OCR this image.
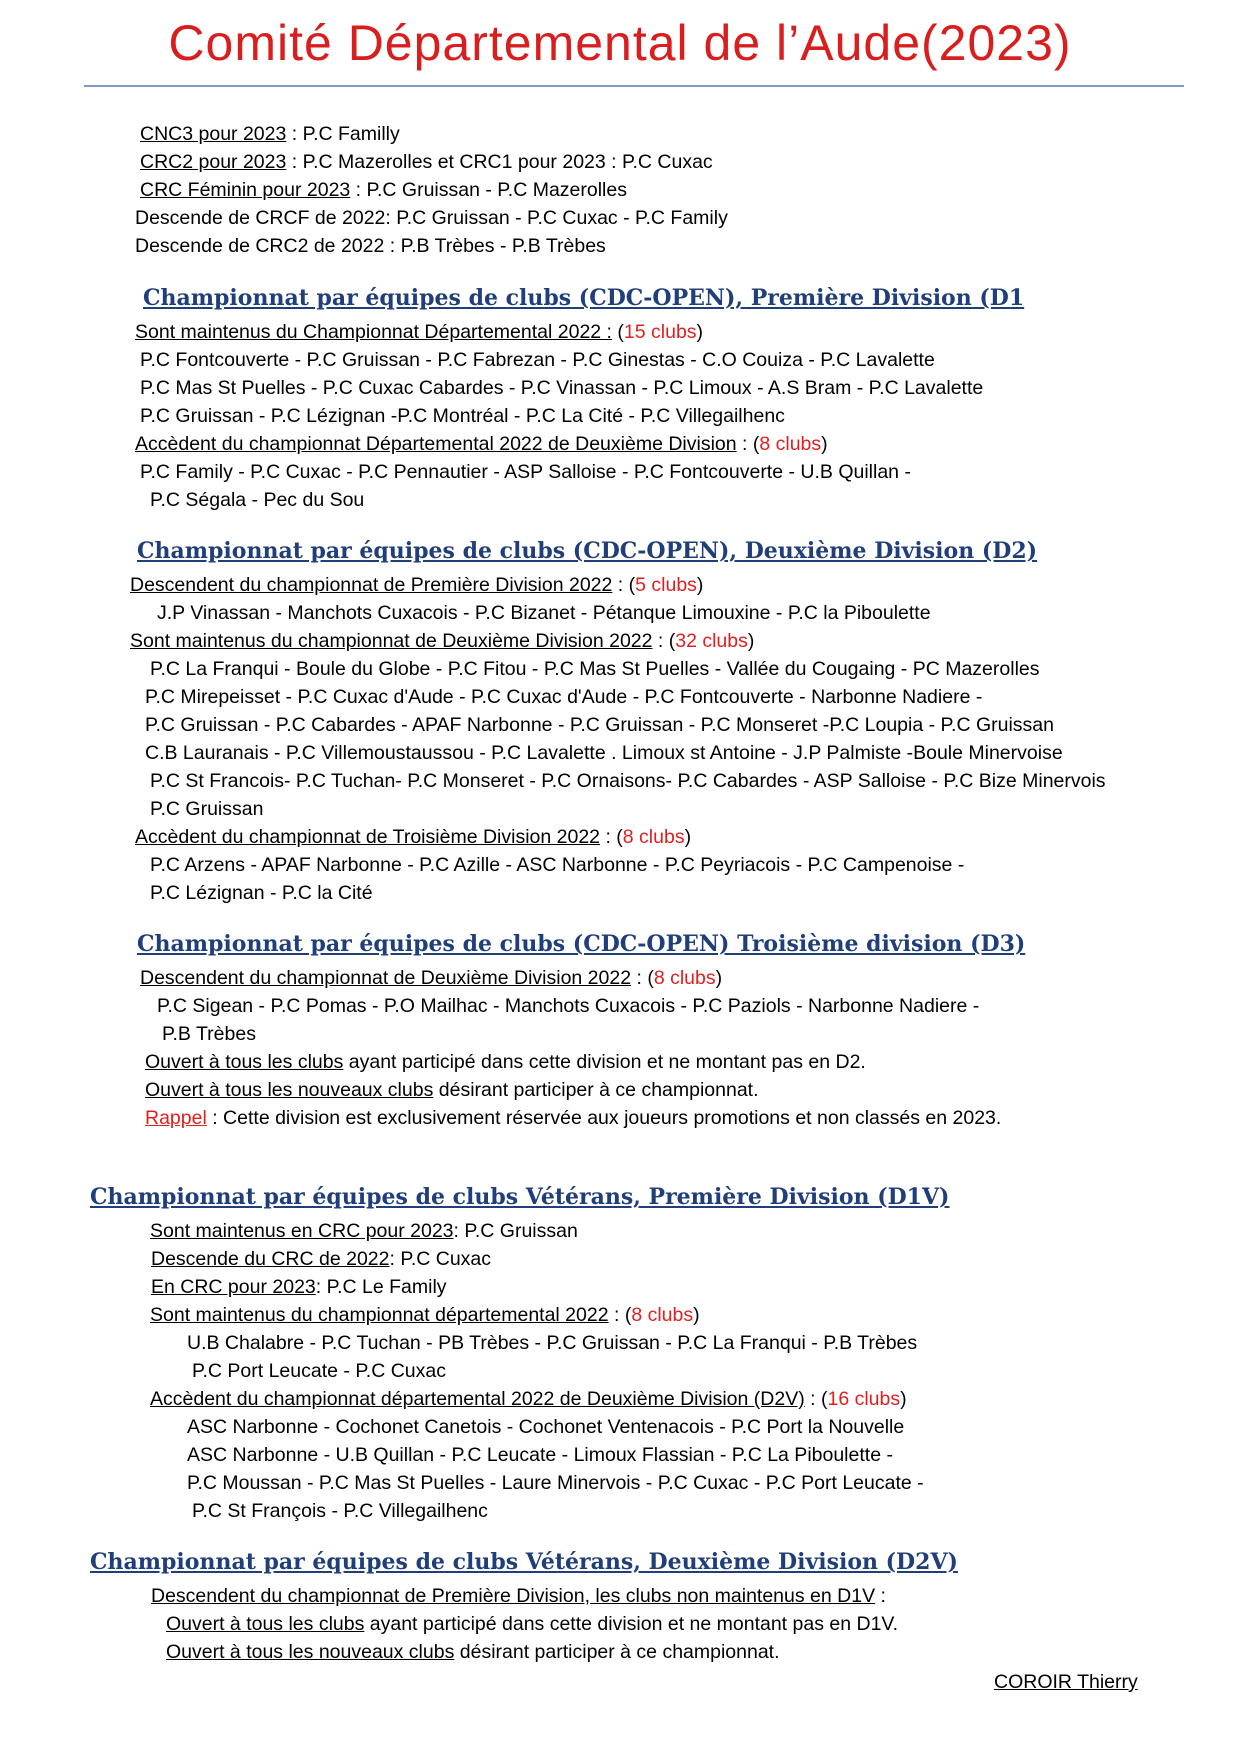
Comité Départemental de l’Aude(2023)
CNC3 pour 2023 : P.C Familly
CRC2 pour 2023 : P.C Mazerolles et CRC1 pour 2023 : P.C Cuxac
CRC Féminin pour 2023 : P.C Gruissan - P.C Mazerolles
Descende de CRCF de 2022: P.C Gruissan - P.C Cuxac - P.C Family
Descende de CRC2 de 2022 : P.B Trèbes - P.B Trèbes
Championnat par équipes de clubs (CDC-OPEN), Première Division (D1
Sont maintenus du Championnat Départemental 2022 : (15 clubs)
P.C Fontcouverte - P.C Gruissan - P.C Fabrezan - P.C Ginestas - C.O Couiza - P.C Lavalette
P.C Mas St Puelles - P.C Cuxac Cabardes - P.C Vinassan - P.C Limoux - A.S Bram - P.C Lavalette
P.C Gruissan - P.C Lézignan -P.C Montréal - P.C La Cité - P.C Villegailhenc
Accèdent du championnat Départemental 2022 de Deuxième Division : (8 clubs)
P.C Family - P.C Cuxac - P.C Pennautier - ASP Salloise - P.C Fontcouverte - U.B Quillan -
P.C Ségala - Pec du Sou
Championnat par équipes de clubs (CDC-OPEN), Deuxième Division (D2)
Descendent du championnat de Première Division 2022 : (5 clubs)
J.P Vinassan - Manchots Cuxacois - P.C Bizanet - Pétanque Limouxine - P.C la Piboulette
Sont maintenus du championnat de Deuxième Division 2022 : (32 clubs)
P.C La Franqui - Boule du Globe - P.C Fitou - P.C Mas St Puelles - Vallée du Cougaing - PC Mazerolles
P.C Mirepeisset - P.C Cuxac d'Aude - P.C Cuxac d'Aude - P.C Fontcouverte - Narbonne Nadiere -
P.C Gruissan - P.C Cabardes - APAF Narbonne - P.C Gruissan - P.C Monseret -P.C Loupia - P.C Gruissan
C.B Lauranais - P.C Villemoustaussou - P.C Lavalette . Limoux st Antoine - J.P Palmiste -Boule Minervoise
P.C St Francois- P.C Tuchan- P.C Monseret - P.C Ornaisons- P.C Cabardes - ASP Salloise - P.C Bize Minervois
P.C Gruissan
Accèdent du championnat de Troisième Division 2022 : (8 clubs)
P.C Arzens - APAF Narbonne - P.C Azille - ASC Narbonne - P.C Peyriacois - P.C Campenoise -
P.C Lézignan - P.C la Cité
Championnat par équipes de clubs (CDC-OPEN) Troisième division (D3)
Descendent du championnat de Deuxième Division 2022 : (8 clubs)
P.C Sigean - P.C Pomas - P.O Mailhac - Manchots Cuxacois - P.C Paziols - Narbonne Nadiere -
P.B Trèbes
Ouvert à tous les clubs ayant participé dans cette division et ne montant pas en D2.
Ouvert à tous les nouveaux clubs désirant participer à ce championnat.
Rappel : Cette division est exclusivement réservée aux joueurs promotions et non classés en 2023.
Championnat par équipes de clubs Vétérans, Première Division (D1V)
Sont maintenus en CRC pour 2023: P.C Gruissan
Descende du CRC de 2022: P.C Cuxac
En CRC pour 2023: P.C Le Family
Sont maintenus du championnat départemental 2022 : (8 clubs)
U.B Chalabre - P.C Tuchan - PB Trèbes - P.C Gruissan - P.C La Franqui - P.B Trèbes
P.C Port Leucate - P.C Cuxac
Accèdent du championnat départemental 2022 de Deuxième Division (D2V) : (16 clubs)
ASC Narbonne - Cochonet Canetois - Cochonet Ventenacois - P.C Port la Nouvelle
ASC Narbonne - U.B Quillan - P.C Leucate - Limoux Flassian - P.C La Piboulette -
P.C Moussan - P.C Mas St Puelles - Laure Minervois - P.C Cuxac - P.C Port Leucate -
P.C St François - P.C Villegailhenc
Championnat par équipes de clubs Vétérans, Deuxième Division (D2V)
Descendent du championnat de Première Division, les clubs non maintenus en D1V :
Ouvert à tous les clubs ayant participé dans cette division et ne montant pas en D1V.
Ouvert à tous les nouveaux clubs désirant participer à ce championnat.
COROIR Thierry
